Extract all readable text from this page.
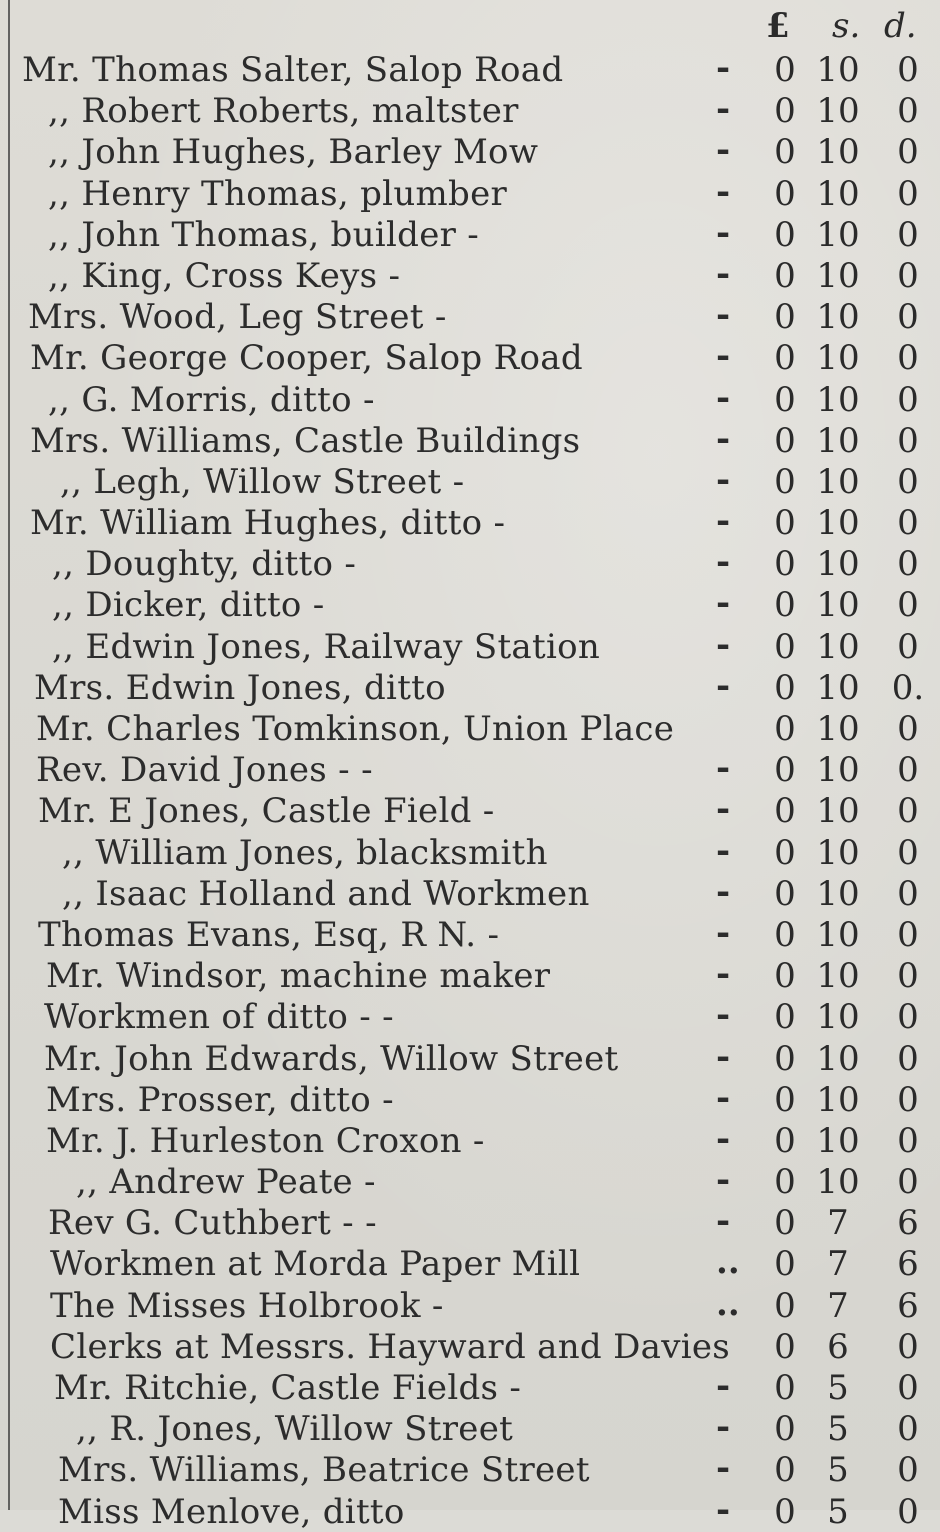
£ s. d.
Mr. Thomas Salter, Salop Road	- 0 10 0
,, Robert Roberts, maltster	- 0 10 0
,, John Hughes, Barley Mow	- 0 10 0
,, Henry Thomas, plumber	- 0 10 0
,, John Thomas, builder -	- 0 10 0
,, King, Cross Keys -	- 0 10 0
Mrs. Wood, Leg Street -	- 0 10 0
Mr. George Cooper, Salop Road	- 0 10 0
,, G. Morris, ditto -	- 0 10 0
Mrs. Williams, Castle Buildings	- 0 10 0
,, Legh, Willow Street -	- 0 10 0
Mr. William Hughes, ditto -	- 0 10 0
,, Doughty, ditto -	- 0 10 0
,, Dicker, ditto -	- 0 10 0
,, Edwin Jones, Railway Station	- 0 10 0
Mrs. Edwin Jones, ditto	- 0 10 0.
Mr. Charles Tomkinson, Union Place	0 10 0
Rev. David Jones - -	- 0 10 0
Mr. E Jones, Castle Field -	- 0 10 0
,, William Jones, blacksmith	- 0 10 0
,, Isaac Holland and Workmen	- 0 10 0
Thomas Evans, Esq, R N. -	- 0 10 0
Mr. Windsor, machine maker	- 0 10 0
Workmen of ditto - -	- 0 10 0
Mr. John Edwards, Willow Street	- 0 10 0
Mrs. Prosser, ditto -	- 0 10 0
Mr. J. Hurleston Croxon -	- 0 10 0
,, Andrew Peate -	- 0 10 0
Rev G. Cuthbert - -	- 0 7	6
Workmen at Morda Paper Mill	.. 0 7	6
The Misses Holbrook -	.. 0 7	6
Clerks at Messrs. Hayward and Davies 0 6	0
Mr. Ritchie, Castle Fields -	- 0 5	0
,, R. Jones, Willow Street	- 0 5	0
Mrs. Williams, Beatrice Street	- 0 5	0
Miss Menlove, ditto	- 0 5	0
